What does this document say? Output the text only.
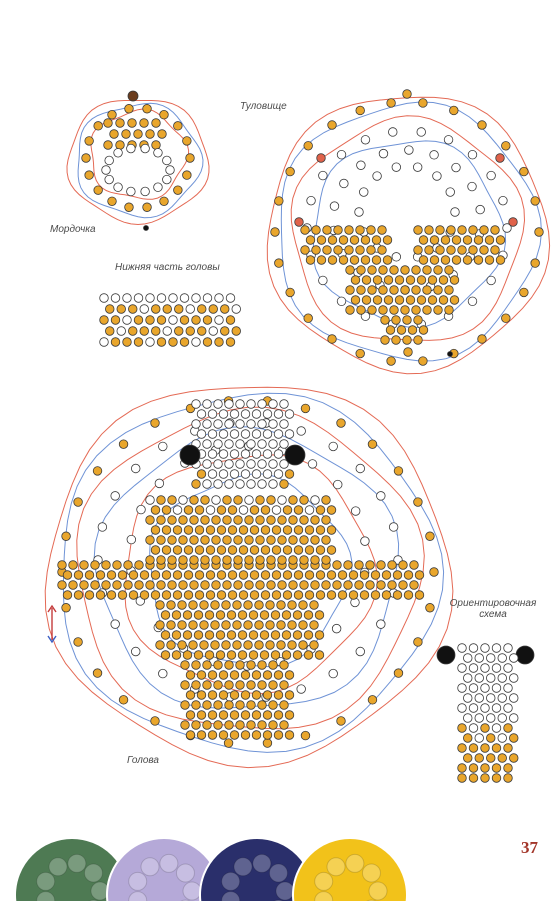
Мордочка
Туловище
Нижняя часть головы
Голова
Ориентировочная
схема
37
